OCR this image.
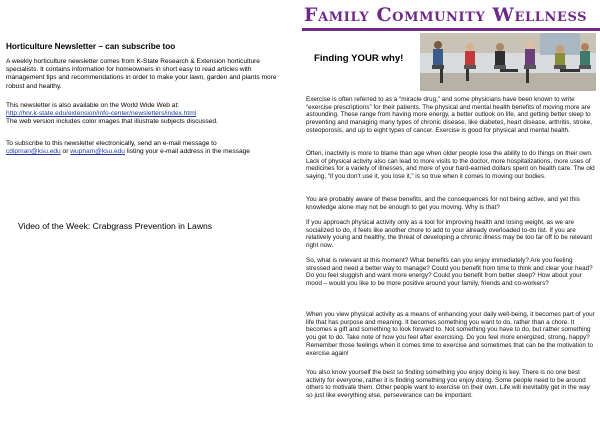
Horticulture Newsletter – can subscribe too
A weekly horticulture newsletter comes from K-State Research & Extension horticulture specialists. It contains information for homeowners in short easy to read articles with management tips and recommendations in order to make your lawn, garden and plants more robust and healthy.
This newsletter is also available on the World Wide Web at:
http://hnr.k-state.edu/extension/info-center/newsletters/index.html
The web version includes color images that illustrate subjects discussed.
To subscribe to this newsletter electronically, send an e-mail message to
cdipman@ksu.edu or wupham@ksu.edu listing your e-mail address in the message
Video of the Week: Crabgrass Prevention in Lawns
Family Community Wellness
Finding YOUR why!
Exercise is often referred to as a “miracle drug,” and some physicians have been known to write “exercise prescriptions” for their patients. The physical and mental health benefits of moving more are astounding. These range from having more energy, a better outlook on life, and getting better sleep to preventing and managing many types of chronic disease, like diabetes, heart disease, arthritis, stroke, osteoporosis, and up to eight types of cancer. Exercise is good for physical and mental health.
Often, inactivity is more to blame than age when older people lose the ability to do things on their own. Lack of physical activity also can lead to more visits to the doctor, more hospitalizations, more uses of medicines for a variety of illnesses, and more of your hard-earned dollars spent on health care. The old saying, “if you don’t use it, you lose it,” is so true when it comes to moving our bodies.
You are probably aware of these benefits, and the consequences for not being active, and yet this knowledge alone may not be enough to get you moving. Why is that?
If you approach physical activity only as a tool for improving health and losing weight, as we are socialized to do, it feels like another chore to add to your already overloaded to-do list. If you are relatively young and healthy, the threat of developing a chronic illness may be too far off to be relevant right now.
So, what is relevant at this moment? What benefits can you enjoy immediately? Are you feeling stressed and need a better way to manage? Could you benefit from time to think and clear your head? Do you feel sluggish and want more energy? Could you benefit from better sleep? How about your mood – would you like to be more positive around your family, friends and co-workers?
When you view physical activity as a means of enhancing your daily well-being, it becomes part of your life that has purpose and meaning. It becomes something you want to do, rather than a chore. It becomes a gift and something to look forward to. Not something you have to do, but rather something you get to do. Take note of how you feel after exercising. Do you feel more energized, strong, happy? Remember those feelings when it comes time to exercise and sometimes that can be the motivation to exercise again!
You also know yourself the best so finding something you enjoy doing is key. There is no one best activity for everyone, rather it is finding something you enjoy doing. Some people need to be around others to motivate them. Other people want to exercise on their own. Life will inevitably get in the way so just like everything else, perseverance can be important.
